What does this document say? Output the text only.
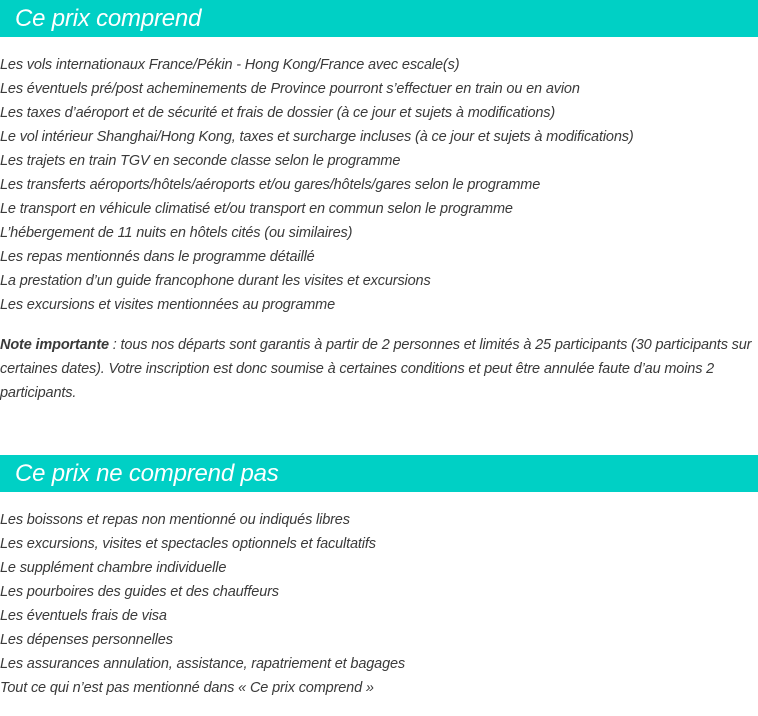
Ce prix comprend
Les vols internationaux France/Pékin - Hong Kong/France avec escale(s)
Les éventuels pré/post acheminements de Province pourront s’effectuer en train ou en avion
Les taxes d’aéroport et de sécurité et frais de dossier (à ce jour et sujets à modifications)
Le vol intérieur Shanghai/Hong Kong, taxes et surcharge incluses (à ce jour et sujets à modifications)
Les trajets en train TGV en seconde classe selon le programme
Les transferts aéroports/hôtels/aéroports et/ou gares/hôtels/gares selon le programme
Le transport en véhicule climatisé et/ou transport en commun selon le programme
L’hébergement de 11 nuits en hôtels cités (ou similaires)
Les repas mentionnés dans le programme détaillé
La prestation d’un guide francophone durant les visites et excursions
Les excursions et visites mentionnées au programme

Note importante : tous nos départs sont garantis à partir de 2 personnes et limités à 25 participants (30 participants sur certaines dates). Votre inscription est donc soumise à certaines conditions et peut être annulée faute d’au moins 2 participants.

Ce prix ne comprend pas
Les boissons et repas non mentionné ou indiqués libres
Les excursions, visites et spectacles optionnels et facultatifs
Le supplément chambre individuelle
Les pourboires des guides et des chauffeurs
Les éventuels frais de visa
Les dépenses personnelles
Les assurances annulation, assistance, rapatriement et bagages
Tout ce qui n’est pas mentionné dans « Ce prix comprend »
